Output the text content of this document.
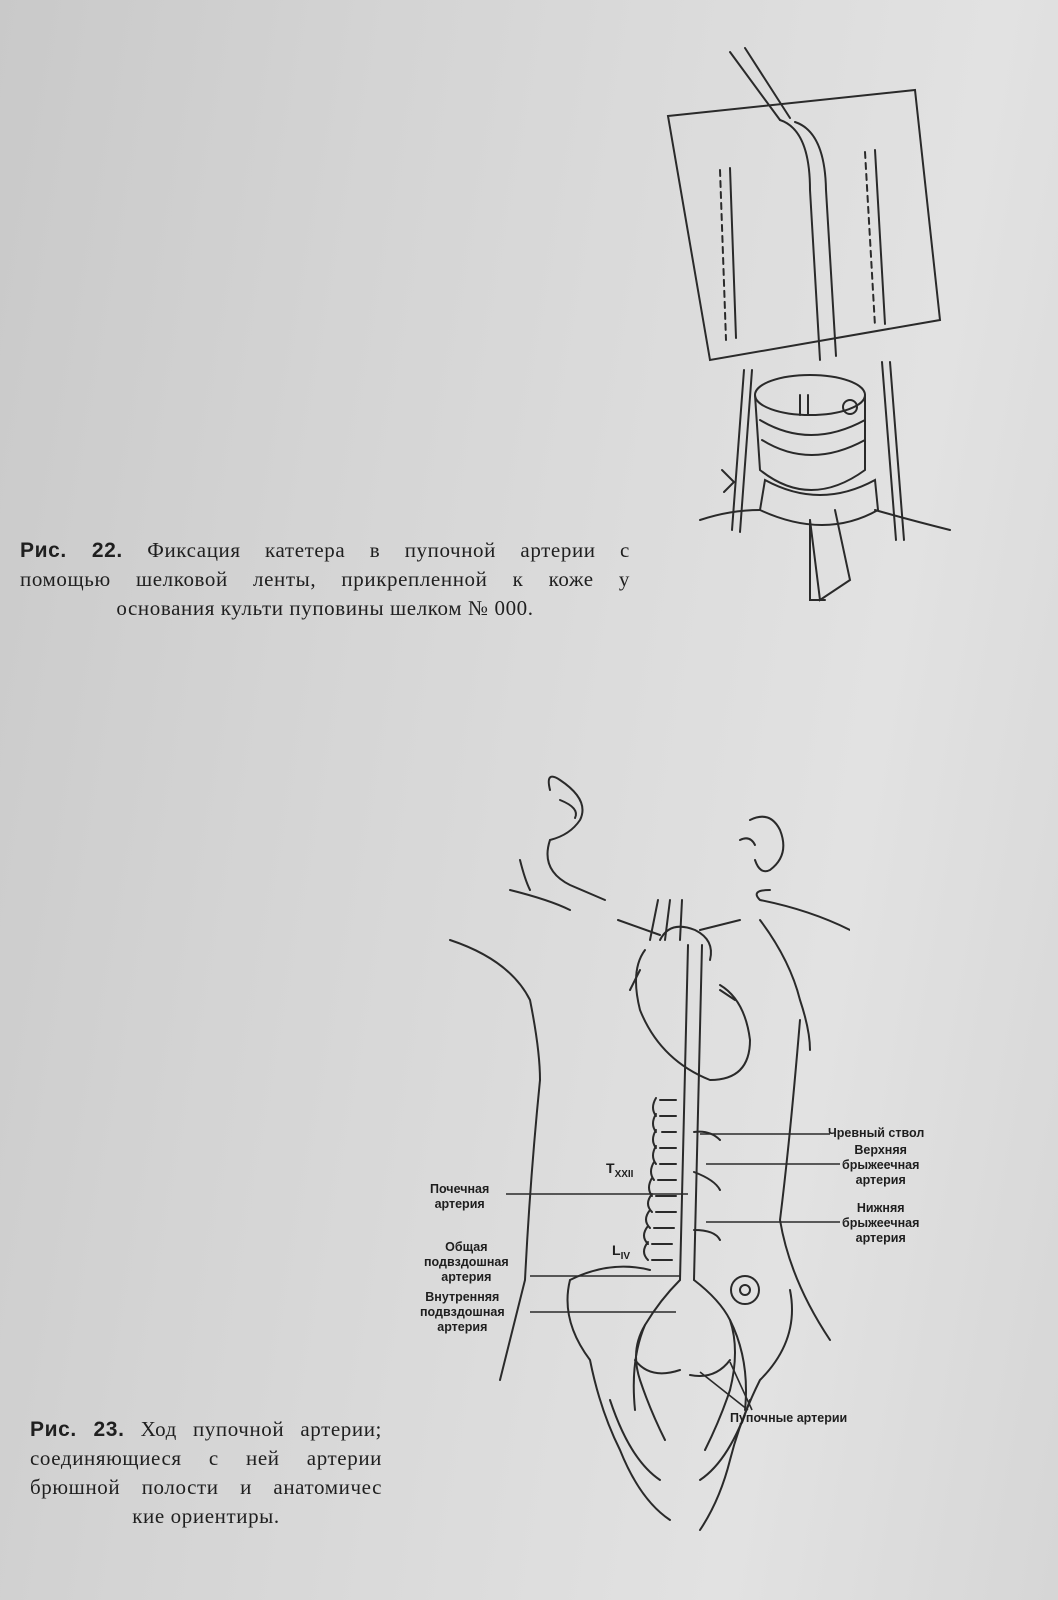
Рис. 22. Фиксация катетера в пупочной артерии с
помощью шелковой ленты, прикрепленной к коже у
основания культи пуповины шелком № 000.

$T_{XXII}$
$L_{IV}$
Чревный ствол
Верхняя
брыжеечная
артерия
Нижняя
брыжеечная
артерия
Почечная
артерия
Общая
подвздошная
артерия
Внутренняя
подвздошная
артерия
Пупочные артерии

Рис. 23. Ход пупочной артерии;
соединяющиеся с ней артерии
брюшной полости и анатомичес
кие ориентиры.
